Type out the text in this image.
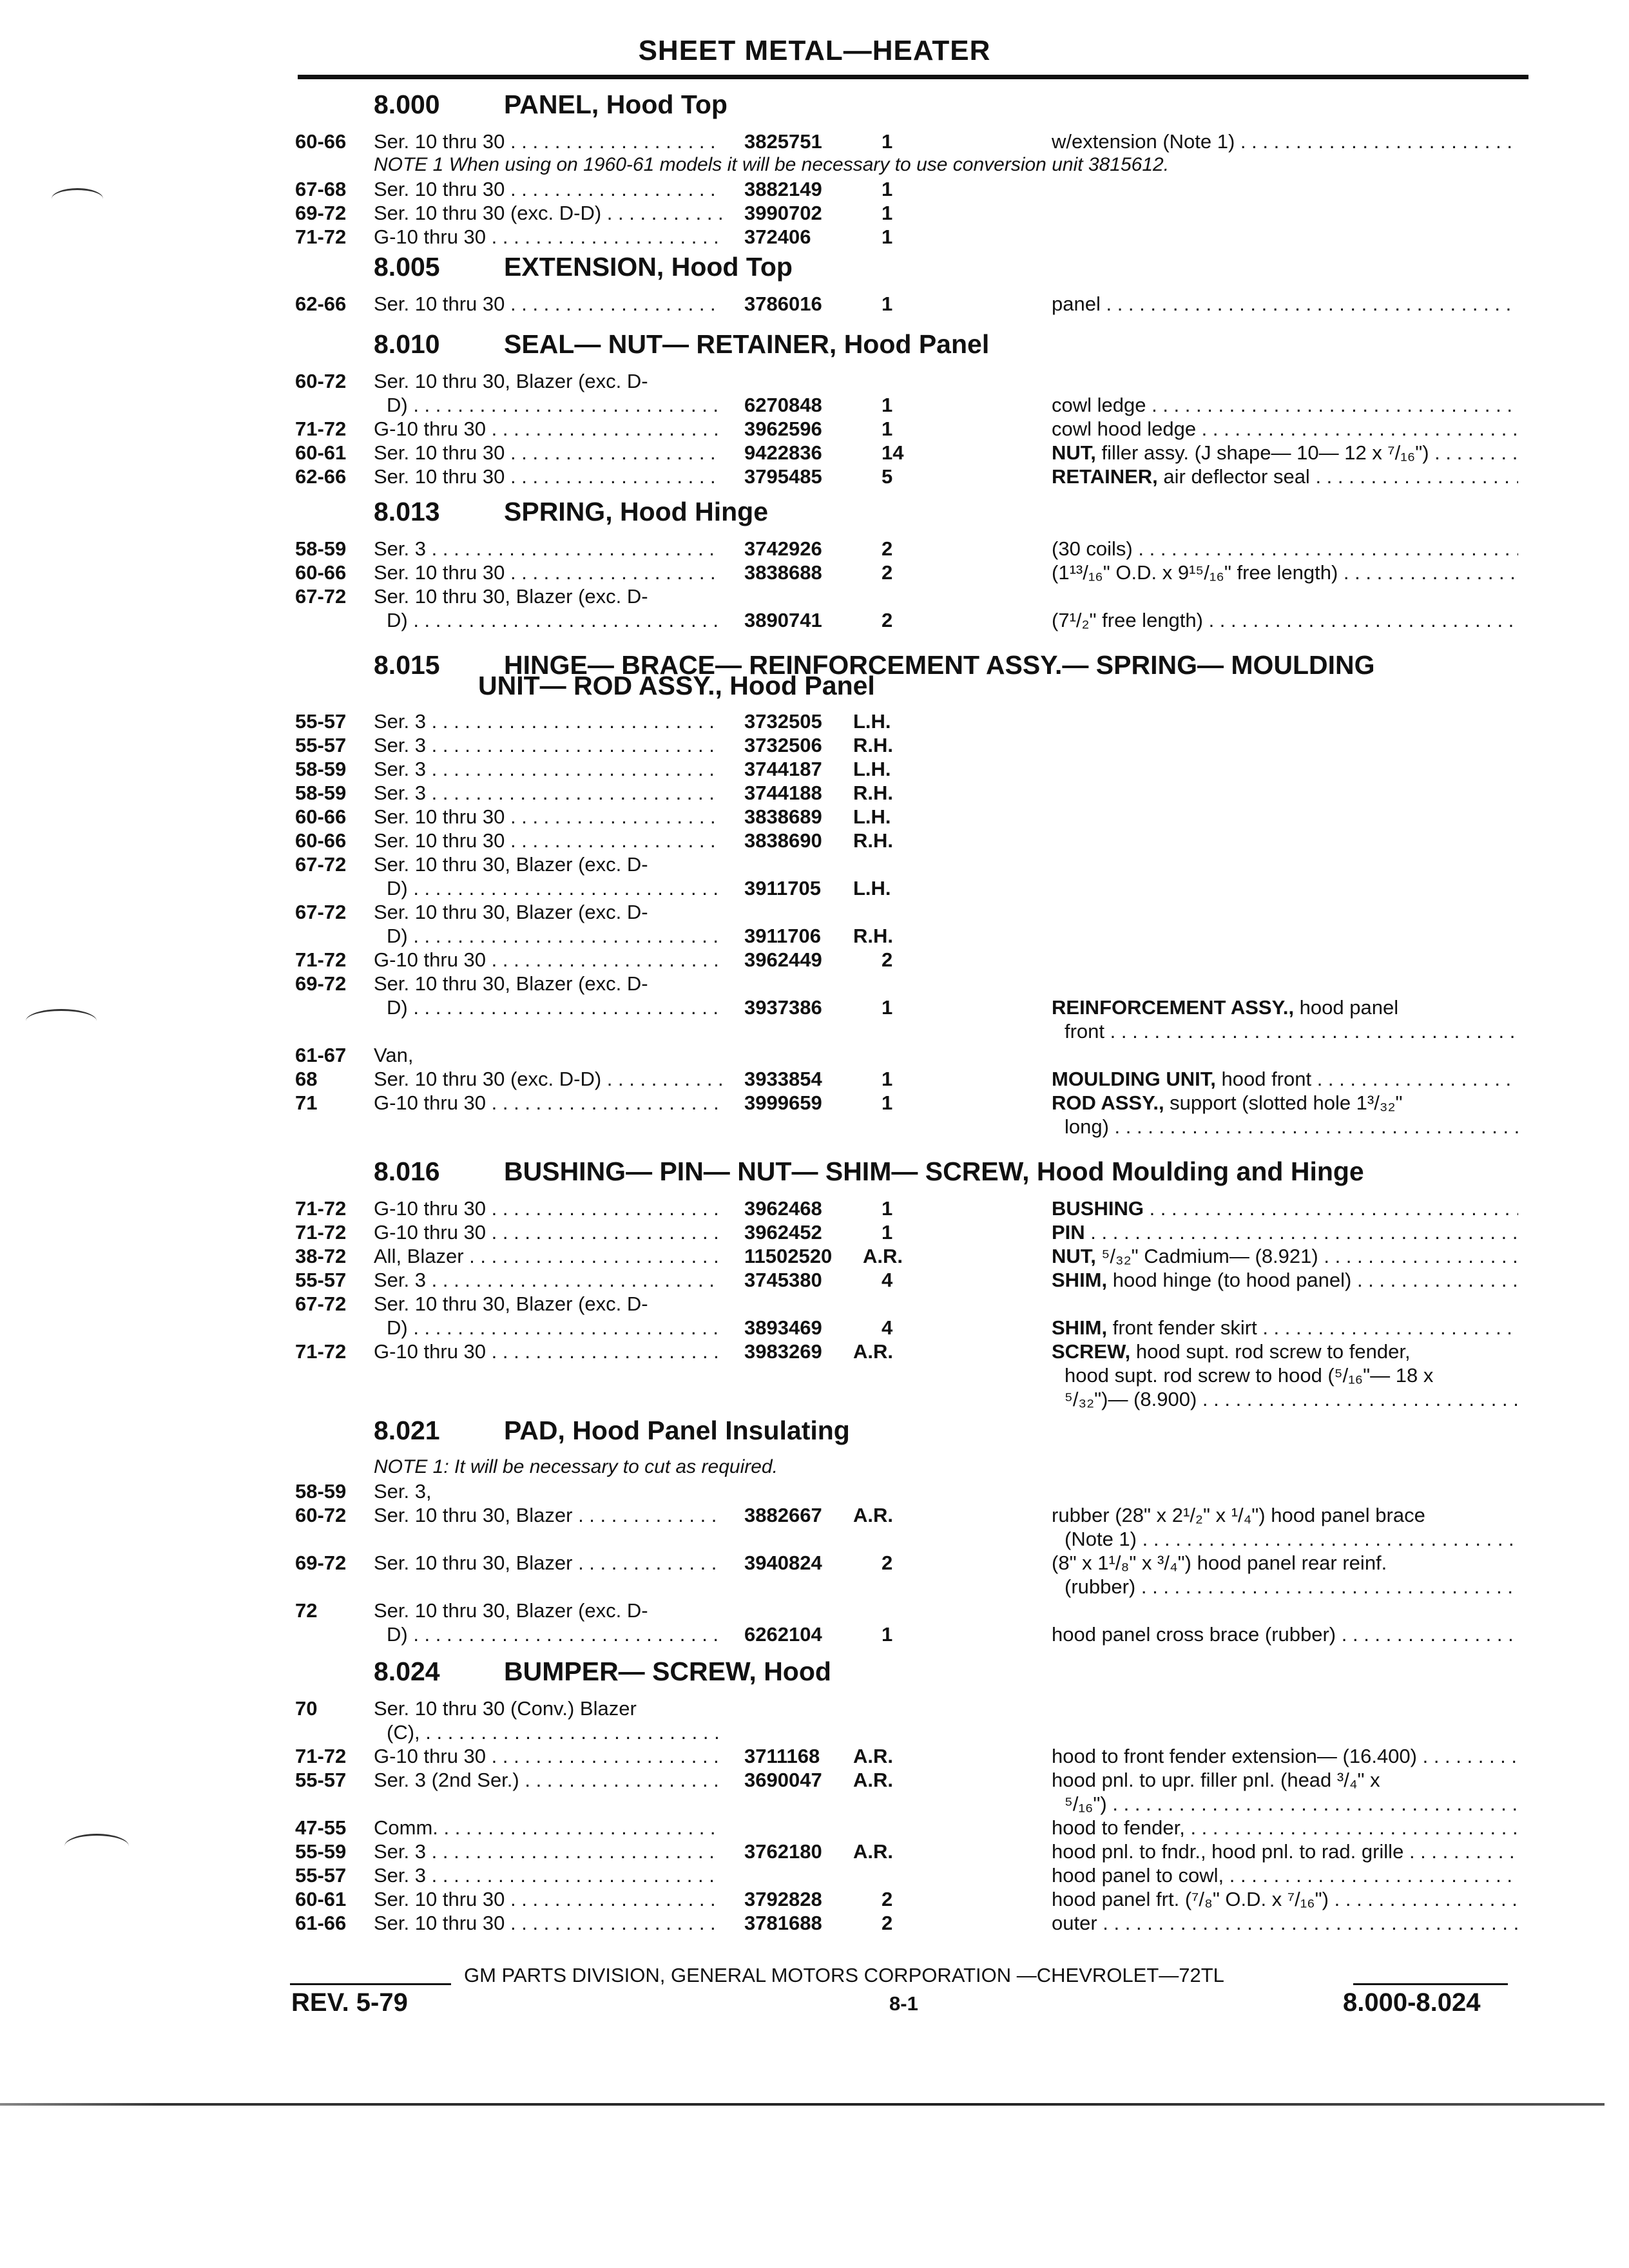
SHEET METAL—HEATER
8.000 PANEL, Hood Top
60-66 Ser. 10 thru 30 . . .	3825751	1	w/extension (Note 1) . . .
NOTE 1 When using on 1960-61 models it will be necessary to use conversion unit 3815612.
67-68 Ser. 10 thru 30 . . .	3882149	1
69-72 Ser. 10 thru 30 (exc. D-D) . . .	3990702	1
71-72 G-10 thru 30 . . .	372406	1
8.005 EXTENSION, Hood Top
62-66 Ser. 10 thru 30 . . .	3786016	1	panel . . .
8.010 SEAL— NUT— RETAINER, Hood Panel
60-72 Ser. 10 thru 30, Blazer (exc. D-
D) . . .	6270848	1	cowl ledge . . .
71-72 G-10 thru 30 . . .	3962596	1	cowl hood ledge . . .
60-61 Ser. 10 thru 30 . . .	9422836	14	NUT, filler assy. (J shape— 10— 12 x ⁷/₁₆") . . .
62-66 Ser. 10 thru 30 . . .	3795485	5	RETAINER, air deflector seal . . .
8.013 SPRING, Hood Hinge
58-59 Ser. 3 . . .	3742926	2	(30 coils) . . .
60-66 Ser. 10 thru 30 . . .	3838688	2	(1¹³/₁₆" O.D. x 9¹⁵/₁₆" free length) . . .
67-72 Ser. 10 thru 30, Blazer (exc. D-
D) . . .	3890741	2	(7¹/₂" free length) . . .
8.015 HINGE— BRACE— REINFORCEMENT ASSY.— SPRING— MOULDING
UNIT— ROD ASSY., Hood Panel
55-57 Ser. 3 . . .	3732505 L.H.
55-57 Ser. 3 . . .	3732506 R.H.
58-59 Ser. 3 . . .	3744187 L.H.
58-59 Ser. 3 . . .	3744188 R.H.
60-66 Ser. 10 thru 30 . . .	3838689 L.H.
60-66 Ser. 10 thru 30 . . .	3838690 R.H.
67-72 Ser. 10 thru 30, Blazer (exc. D-
D) . . .	3911705 L.H.
67-72 Ser. 10 thru 30, Blazer (exc. D-
D) . . .	3911706 R.H.
71-72 G-10 thru 30 . . .	3962449	2
69-72 Ser. 10 thru 30, Blazer (exc. D-
D) . . .	3937386	1	REINFORCEMENT ASSY., hood panel
front . . .
61-67 Van,
68	Ser. 10 thru 30 (exc. D-D) . . .	3933854	1	MOULDING UNIT, hood front . . .
71	G-10 thru 30 . . .	3999659	1	ROD ASSY., support (slotted hole 1³/₃₂"
long) . . .
8.016 BUSHING— PIN— NUT— SHIM— SCREW, Hood Moulding and Hinge
71-72 G-10 thru 30 . . .	3962468	1	BUSHING . . .
71-72 G-10 thru 30 . . .	3962452	1	PIN . . .
38-72 All, Blazer . . .	11502520 A.R.	NUT, ⁵/₃₂" Cadmium— (8.921) . . .
55-57 Ser. 3 . . .	3745380	4	SHIM, hood hinge (to hood panel) . . .
67-72 Ser. 10 thru 30, Blazer (exc. D-
D) . . .	3893469	4	SHIM, front fender skirt . . .
71-72 G-10 thru 30 . . .	3983269 A.R.	SCREW, hood supt. rod screw to fender,
hood supt. rod screw to hood (⁵/₁₆"— 18 x
⁵/₃₂")— (8.900) . . .
8.021 PAD, Hood Panel Insulating
NOTE 1: It will be necessary to cut as required.
58-59 Ser. 3,
60-72 Ser. 10 thru 30, Blazer . . .	3882667 A.R.	rubber (28" x 2¹/₂" x ¹/₄") hood panel brace
(Note 1) . . .
69-72 Ser. 10 thru 30, Blazer . . .	3940824	2	(8" x 1¹/₈" x ³/₄") hood panel rear reinf.
(rubber) . . .
72	Ser. 10 thru 30, Blazer (exc. D-
D) . . .	6262104	1	hood panel cross brace (rubber) . . .
8.024 BUMPER— SCREW, Hood
70	Ser. 10 thru 30 (Conv.) Blazer
(C), . . .
71-72 G-10 thru 30 . . .	3711168 A.R.	hood to front fender extension— (16.400) . . .
55-57 Ser. 3 (2nd Ser.) . . .	3690047 A.R.	hood pnl. to upr. filler pnl. (head ³/₄" x
⁵/₁₆") . . .
47-55 Comm. . . .	hood to fender, . . .
55-59 Ser. 3 . . .	3762180 A.R.	hood pnl. to fndr., hood pnl. to rad. grille . . .
55-57 Ser. 3 . . .	hood panel to cowl, . . .
60-61 Ser. 10 thru 30 . . .	3792828	2	hood panel frt. (⁷/₈" O.D. x ⁷/₁₆") . . .
61-66 Ser. 10 thru 30 . . .	3781688	2	outer . . .
GM PARTS DIVISION, GENERAL MOTORS CORPORATION —CHEVROLET—72TL
REV. 5-79	8-1	8.000-8.024
